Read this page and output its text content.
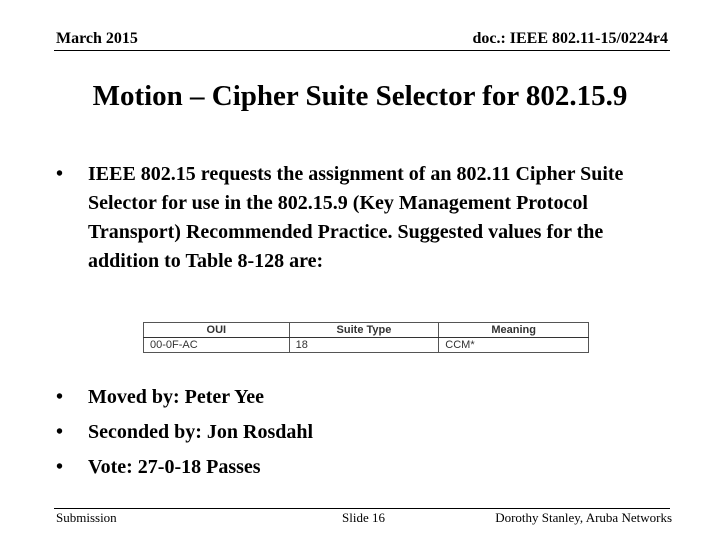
March 2015	doc.: IEEE 802.11-15/0224r4
Motion – Cipher Suite Selector for 802.15.9
•	IEEE 802.15 requests the assignment of an 802.11 Cipher Suite Selector for use in the 802.15.9 (Key Management Protocol Transport) Recommended Practice. Suggested values for the addition to Table 8-128 are:
OUI	Suite Type	Meaning
00-0F-AC	18	CCM*
•	Moved by: Peter Yee
•	Seconded by: Jon Rosdahl
•	Vote: 27-0-18 Passes
Submission	Slide 16	Dorothy Stanley, Aruba Networks
